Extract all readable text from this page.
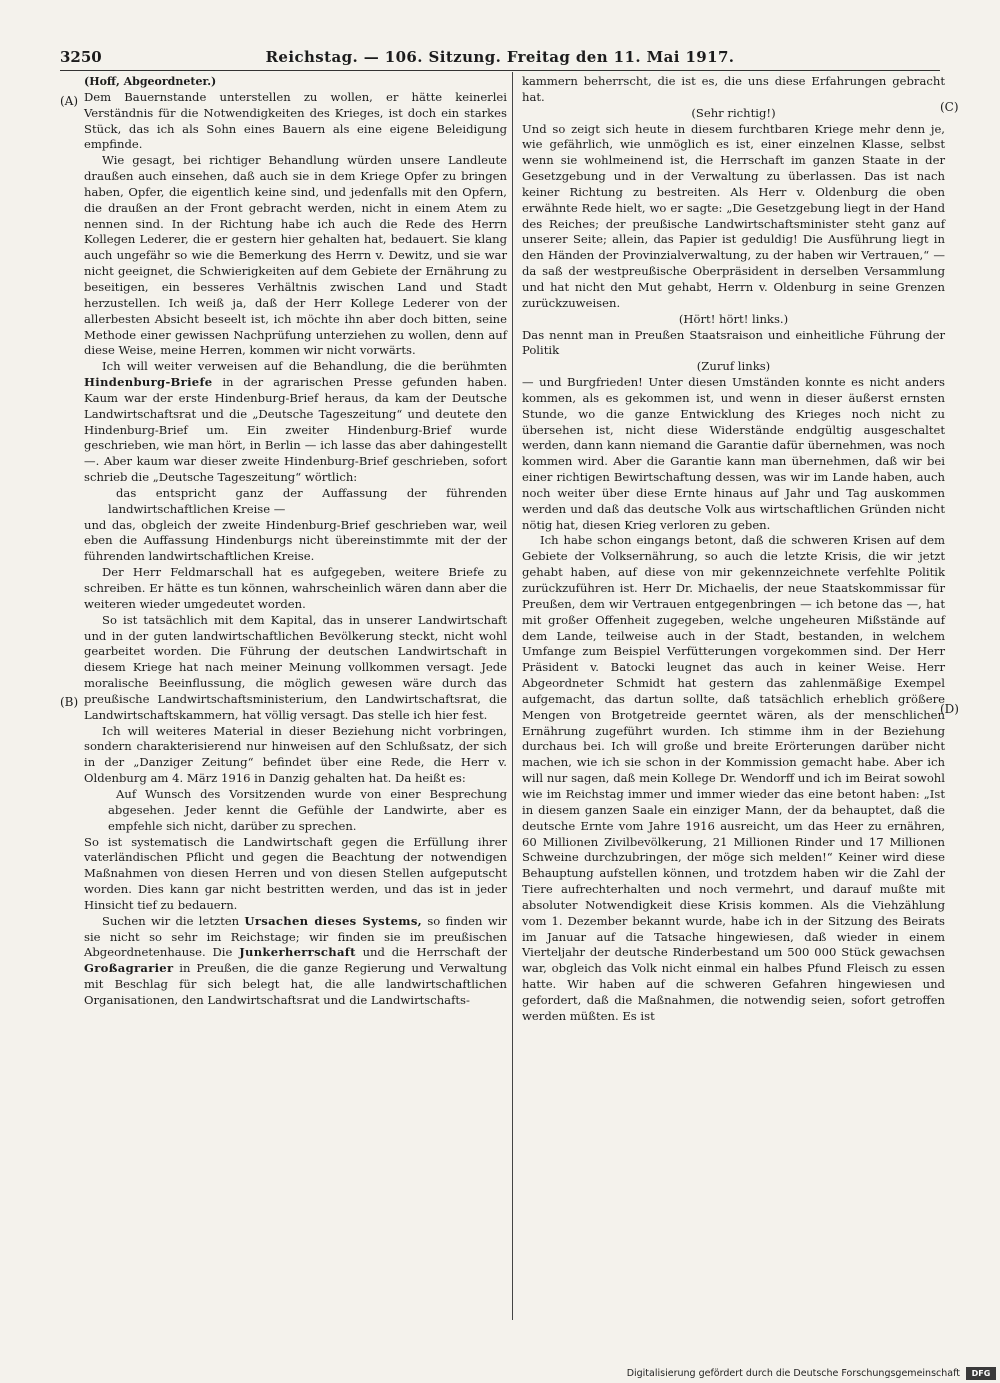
3250	Reichstag. — 106. Sitzung. Freitag den 11. Mai 1917.
(A)
(B)
(C)
(D)

(Hoff, Abgeordneter.)

Dem Bauernstande unterstellen zu wollen, er hätte keinerlei Verständnis für die Notwendigkeiten des Krieges, ist doch ein starkes Stück, das ich als Sohn eines Bauern als eine eigene Beleidigung empfinde.

Wie gesagt, bei richtiger Behandlung würden unsere Landleute draußen auch einsehen, daß auch sie in dem Kriege Opfer zu bringen haben, Opfer, die eigentlich keine sind, und jedenfalls mit den Opfern, die draußen an der Front gebracht werden, nicht in einem Atem zu nennen sind. In der Richtung habe ich auch die Rede des Herrn Kollegen Lederer, die er gestern hier gehalten hat, bedauert. Sie klang auch ungefähr so wie die Bemerkung des Herrn v. Dewitz, und sie war nicht geeignet, die Schwierigkeiten auf dem Gebiete der Ernährung zu beseitigen, ein besseres Verhältnis zwischen Land und Stadt herzustellen. Ich weiß ja, daß der Herr Kollege Lederer von der allerbesten Absicht beseelt ist, ich möchte ihn aber doch bitten, seine Methode einer gewissen Nachprüfung unterziehen zu wollen, denn auf diese Weise, meine Herren, kommen wir nicht vorwärts.

Ich will weiter verweisen auf die Behandlung, die die berühmten Hindenburg-Briefe in der agrarischen Presse gefunden haben. Kaum war der erste Hindenburg-Brief heraus, da kam der Deutsche Landwirtschaftsrat und die „Deutsche Tageszeitung“ und deutete den Hindenburg-Brief um. Ein zweiter Hindenburg-Brief wurde geschrieben, wie man hört, in Berlin — ich lasse das aber dahingestellt —. Aber kaum war dieser zweite Hindenburg-Brief geschrieben, sofort schrieb die „Deutsche Tageszeitung“ wörtlich:

das entspricht ganz der Auffassung der führenden landwirtschaftlichen Kreise —

und das, obgleich der zweite Hindenburg-Brief geschrieben war, weil eben die Auffassung Hindenburgs nicht übereinstimmte mit der der führenden landwirtschaftlichen Kreise.

Der Herr Feldmarschall hat es aufgegeben, weitere Briefe zu schreiben. Er hätte es tun können, wahrscheinlich wären dann aber die weiteren wieder umgedeutet worden.

So ist tatsächlich mit dem Kapital, das in unserer Landwirtschaft und in der guten landwirtschaftlichen Bevölkerung steckt, nicht wohl gearbeitet worden. Die Führung der deutschen Landwirtschaft in diesem Kriege hat nach meiner Meinung vollkommen versagt. Jede moralische Beeinflussung, die möglich gewesen wäre durch das preußische Landwirtschaftsministerium, den Landwirtschaftsrat, die Landwirtschaftskammern, hat völlig versagt. Das stelle ich hier fest.

Ich will weiteres Material in dieser Beziehung nicht vorbringen, sondern charakterisierend nur hinweisen auf den Schlußsatz, der sich in der „Danziger Zeitung“ befindet über eine Rede, die Herr v. Oldenburg am 4. März 1916 in Danzig gehalten hat. Da heißt es:

Auf Wunsch des Vorsitzenden wurde von einer Besprechung abgesehen. Jeder kennt die Gefühle der Landwirte, aber es empfehle sich nicht, darüber zu sprechen.

So ist systematisch die Landwirtschaft gegen die Erfüllung ihrer vaterländischen Pflicht und gegen die Beachtung der notwendigen Maßnahmen von diesen Herren und von diesen Stellen aufgeputscht worden. Dies kann gar nicht bestritten werden, und das ist in jeder Hinsicht tief zu bedauern.

Suchen wir die letzten Ursachen dieses Systems, so finden wir sie nicht so sehr im Reichstage; wir finden sie im preußischen Abgeordnetenhause. Die Junkerherrschaft und die Herrschaft der Großagrarier in Preußen, die die ganze Regierung und Verwaltung mit Beschlag für sich belegt hat, die alle landwirtschaftlichen Organisationen, den Landwirtschaftsrat und die Landwirtschafts-

kammern beherrscht, die ist es, die uns diese Erfahrungen gebracht hat.

(Sehr richtig!)

Und so zeigt sich heute in diesem furchtbaren Kriege mehr denn je, wie gefährlich, wie unmöglich es ist, einer einzelnen Klasse, selbst wenn sie wohlmeinend ist, die Herrschaft im ganzen Staate in der Gesetzgebung und in der Verwaltung zu überlassen. Das ist nach keiner Richtung zu bestreiten. Als Herr v. Oldenburg die oben erwähnte Rede hielt, wo er sagte: „Die Gesetzgebung liegt in der Hand des Reiches; der preußische Landwirtschaftsminister steht ganz auf unserer Seite; allein, das Papier ist geduldig! Die Ausführung liegt in den Händen der Provinzialverwaltung, zu der haben wir Vertrauen,“ — da saß der westpreußische Oberpräsident in derselben Versammlung und hat nicht den Mut gehabt, Herrn v. Oldenburg in seine Grenzen zurückzuweisen.

(Hört! hört! links.)

Das nennt man in Preußen Staatsraison und einheitliche Führung der Politik

(Zuruf links)

— und Burgfrieden! Unter diesen Umständen konnte es nicht anders kommen, als es gekommen ist, und wenn in dieser äußerst ernsten Stunde, wo die ganze Entwicklung des Krieges noch nicht zu übersehen ist, nicht diese Widerstände endgültig ausgeschaltet werden, dann kann niemand die Garantie dafür übernehmen, was noch kommen wird. Aber die Garantie kann man übernehmen, daß wir bei einer richtigen Bewirtschaftung dessen, was wir im Lande haben, auch noch weiter über diese Ernte hinaus auf Jahr und Tag auskommen werden und daß das deutsche Volk aus wirtschaftlichen Gründen nicht nötig hat, diesen Krieg verloren zu geben.

Ich habe schon eingangs betont, daß die schweren Krisen auf dem Gebiete der Volksernährung, so auch die letzte Krisis, die wir jetzt gehabt haben, auf diese von mir gekennzeichnete verfehlte Politik zurückzuführen ist. Herr Dr. Michaelis, der neue Staatskommissar für Preußen, dem wir Vertrauen entgegenbringen — ich betone das —, hat mit großer Offenheit zugegeben, welche ungeheuren Mißstände auf dem Lande, teilweise auch in der Stadt, bestanden, in welchem Umfange zum Beispiel Verfütterungen vorgekommen sind. Der Herr Präsident v. Batocki leugnet das auch in keiner Weise. Herr Abgeordneter Schmidt hat gestern das zahlenmäßige Exempel aufgemacht, das dartun sollte, daß tatsächlich erheblich größere Mengen von Brotgetreide geerntet wären, als der menschlichen Ernährung zugeführt wurden. Ich stimme ihm in der Beziehung durchaus bei. Ich will große und breite Erörterungen darüber nicht machen, wie ich sie schon in der Kommission gemacht habe. Aber ich will nur sagen, daß mein Kollege Dr. Wendorff und ich im Beirat sowohl wie im Reichstag immer und immer wieder das eine betont haben: „Ist in diesem ganzen Saale ein einziger Mann, der da behauptet, daß die deutsche Ernte vom Jahre 1916 ausreicht, um das Heer zu ernähren, 60 Millionen Zivilbevölkerung, 21 Millionen Rinder und 17 Millionen Schweine durchzubringen, der möge sich melden!“ Keiner wird diese Behauptung aufstellen können, und trotzdem haben wir die Zahl der Tiere aufrechterhalten und noch vermehrt, und darauf mußte mit absoluter Notwendigkeit diese Krisis kommen. Als die Viehzählung vom 1. Dezember bekannt wurde, habe ich in der Sitzung des Beirats im Januar auf die Tatsache hingewiesen, daß wieder in einem Vierteljahr der deutsche Rinderbestand um 500 000 Stück gewachsen war, obgleich das Volk nicht einmal ein halbes Pfund Fleisch zu essen hatte. Wir haben auf die schweren Gefahren hingewiesen und gefordert, daß die Maßnahmen, die notwendig seien, sofort getroffen werden müßten. Es ist

Digitalisierung gefördert durch die Deutsche Forschungsgemeinschaft	DFG
